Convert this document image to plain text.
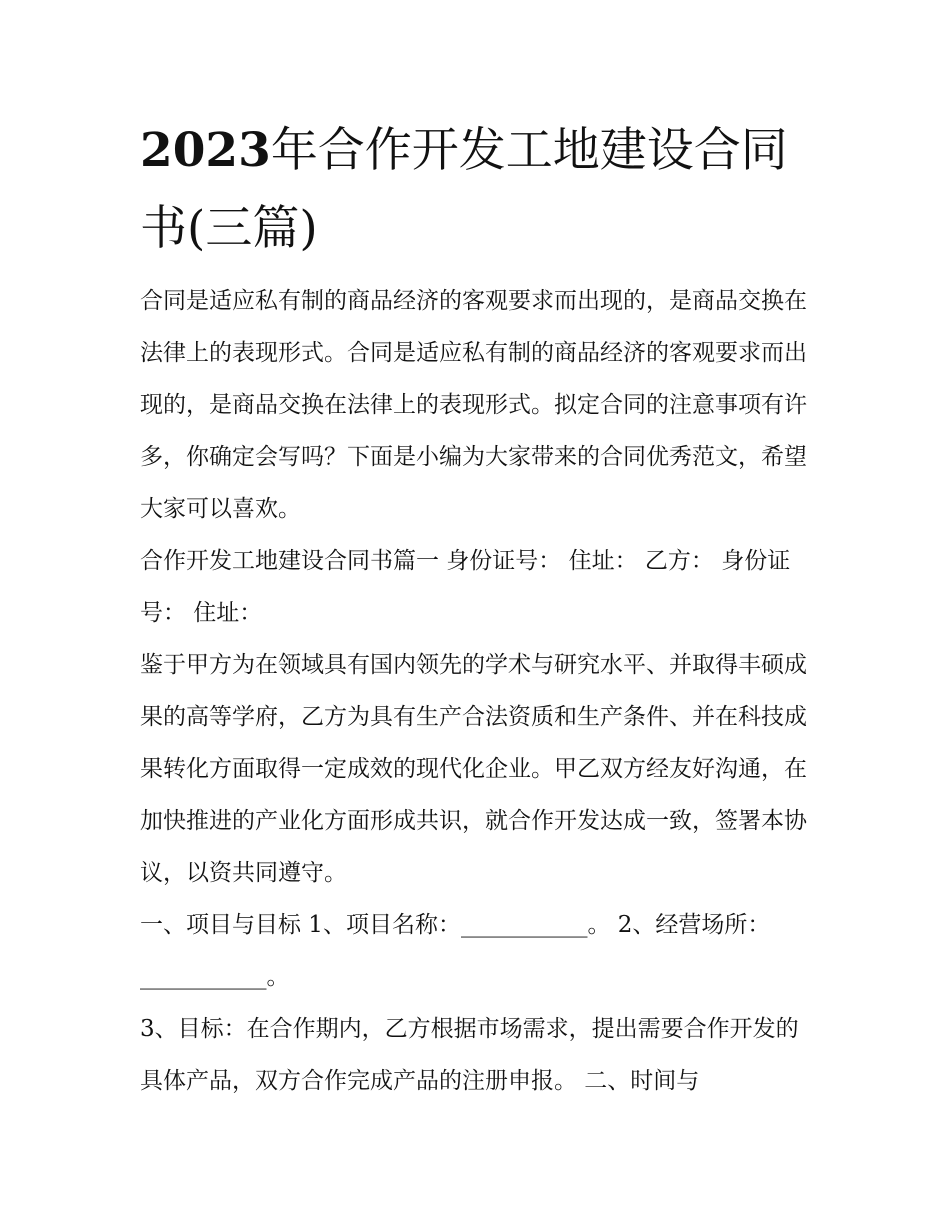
2023年合作开发工地建设合同书(三篇)

合同是适应私有制的商品经济的客观要求而出现的，是商品交换在法律上的表现形式。合同是适应私有制的商品经济的客观要求而出现的，是商品交换在法律上的表现形式。拟定合同的注意事项有许多，你确定会写吗？下面是小编为大家带来的合同优秀范文，希望大家可以喜欢。

合作开发工地建设合同书篇一 身份证号： 住址： 乙方： 身份证号： 住址：

鉴于甲方为在领域具有国内领先的学术与研究水平、并取得丰硕成果的高等学府，乙方为具有生产合法资质和生产条件、并在科技成果转化方面取得一定成效的现代化企业。甲乙双方经友好沟通，在加快推进的产业化方面形成共识，就合作开发达成一致，签署本协议，以资共同遵守。

一、项目与目标 1、项目名称：___________。 2、经营场所：___________。

3、目标：在合作期内，乙方根据市场需求，提出需要合作开发的具体产品，双方合作完成产品的注册申报。 二、时间与
